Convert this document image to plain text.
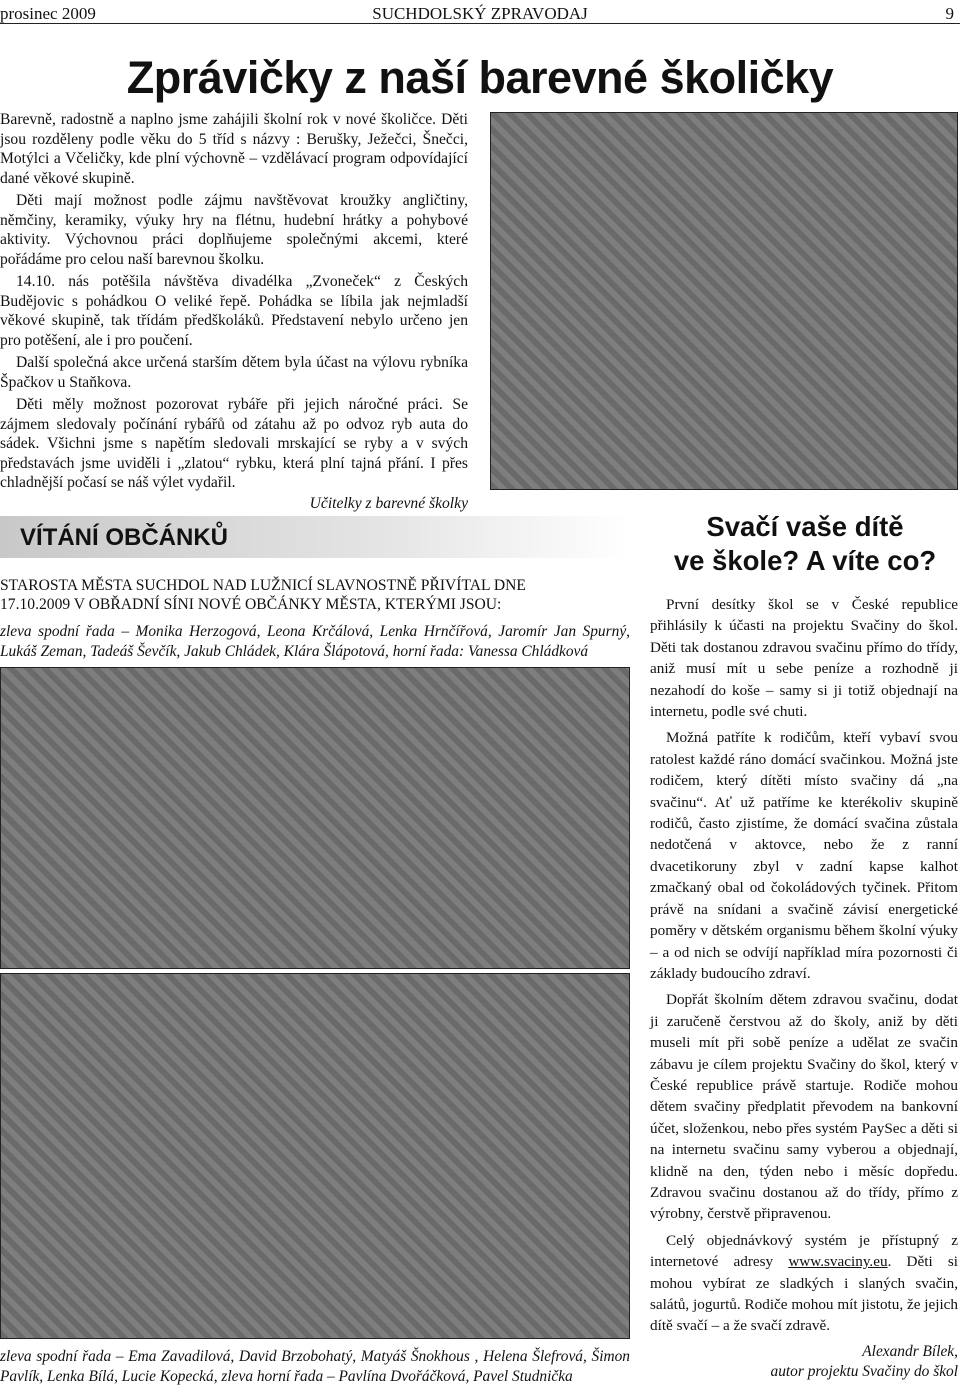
prosinec 2009	SUCHDOLSKÝ ZPRAVODAJ	9
Zprávičky z naší barevné školičky

Barevně, radostně a naplno jsme zahájili školní rok v nové školičce. Děti jsou rozděleny podle věku do 5 tříd s názvy : Berušky, Ježečci, Šnečci, Motýlci a Včeličky, kde plní výchovně – vzdělávací program odpovídající dané věkové skupině.

Děti mají možnost podle zájmu navštěvovat kroužky angličtiny, němčiny, keramiky, výuky hry na flétnu, hudební hrátky a pohybové aktivity. Výchovnou práci doplňujeme společnými akcemi, které pořádáme pro celou naší barevnou školku.

14.10. nás potěšila návštěva divadélka „Zvoneček“ z Českých Budějovic s pohádkou O veliké řepě. Pohádka se líbila jak nejmladší věkové skupině, tak třídám předškoláků. Představení nebylo určeno jen pro potěšení, ale i pro poučení.

Další společná akce určená starším dětem byla účast na výlovu rybníka Špačkov u Staňkova.

Děti měly možnost pozorovat rybáře při jejich náročné práci. Se zájmem sledovaly počínání rybářů od zátahu až po odvoz ryb auta do sádek. Všichni jsme s napětím sledovali mrskající se ryby a v svých představách jsme uviděli i „zlatou“ rybku, která plní tajná přání. I přes chladnější počasí se náš výlet vydařil.

Učitelky z barevné školky
VÍTÁNÍ OBČÁNKŮ
STAROSTA MĚSTA SUCHDOL NAD LUŽNICÍ SLAVNOSTNĚ PŘIVÍTAL DNE 17.10.2009 V OBŘADNÍ SÍNI NOVÉ OBČÁNKY MĚSTA, KTERÝMI JSOU:
zleva spodní řada – Monika Herzogová, Leona Krčálová, Lenka Hrnčířová, Jaromír Jan Spurný, Lukáš Zeman, Tadeáš Ševčík, Jakub Chládek, Klára Šlápotová, horní řada: Vanessa Chládková
zleva spodní řada – Ema Zavadilová, David Brzobohatý, Matyáš Šnokhous , Helena Šlefrová, Šimon Pavlík, Lenka Bílá, Lucie Kopecká, zleva horní řada – Pavlína Dvořáčková, Pavel Studnička
Svačí vaše dítě
ve škole? A víte co?

První desítky škol se v České republice přihlásily k účasti na projektu Svačiny do škol. Děti tak dostanou zdravou svačinu přímo do třídy, aniž musí mít u sebe peníze a rozhodně ji nezahodí do koše – samy si ji totiž objednají na internetu, podle své chuti.

Možná patříte k rodičům, kteří vybaví svou ratolest každé ráno domácí svačinkou. Možná jste rodičem, který dítěti místo svačiny dá „na svačinu“. Ať už patříme ke kterékoliv skupině rodičů, často zjistíme, že domácí svačina zůstala nedotčená v aktovce, nebo že z ranní dvacetikoruny zbyl v zadní kapse kalhot zmačkaný obal od čokoládových tyčinek. Přitom právě na snídani a svačině závisí energetické poměry v dětském organismu během školní výuky – a od nich se odvíjí například míra pozornosti či základy budoucího zdraví.

Dopřát školním dětem zdravou svačinu, dodat ji zaručeně čerstvou až do školy, aniž by děti museli mít při sobě peníze a udělat ze svačin zábavu je cílem projektu Svačiny do škol, který v České republice právě startuje. Rodiče mohou dětem svačiny předplatit převodem na bankovní účet, složenkou, nebo přes systém PaySec a děti si na internetu svačinu samy vyberou a objednají, klidně na den, týden nebo i měsíc dopředu. Zdravou svačinu dostanou až do třídy, přímo z výrobny, čerstvě připravenou.

Celý objednávkový systém je přístupný z internetové adresy www.svaciny.eu. Děti si mohou vybírat ze sladkých i slaných svačin, salátů, jogurtů. Rodiče mohou mít jistotu, že jejich dítě svačí – a že svačí zdravě.

Alexandr Bílek,
autor projektu Svačiny do škol
